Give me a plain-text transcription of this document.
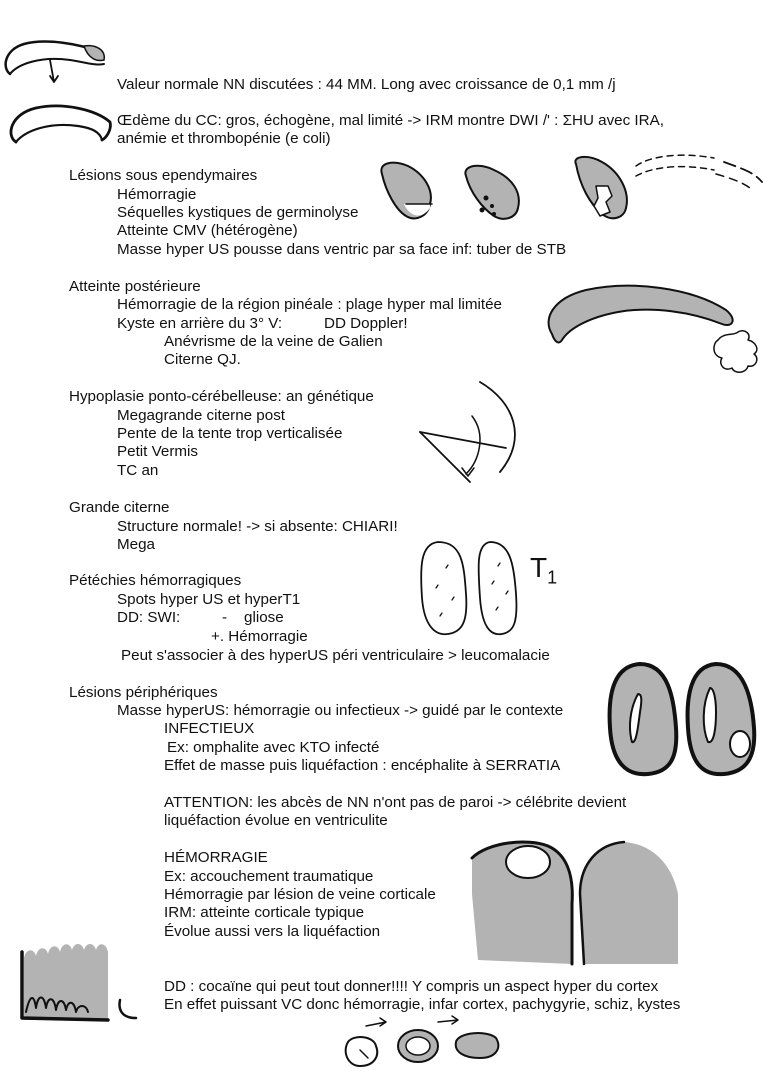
$T_1$
Valeur normale NN discutées : 44 MM. Long avec croissance de 0,1 mm /j
Œdème du CC: gros, échogène, mal limité -> IRM montre DWI /' : ΣHU avec IRA,
anémie et thrombopénie (e coli)
Lésions sous ependymaires
Hémorragie
Séquelles kystiques de germinolyse
Atteinte CMV (hétérogène)
Masse hyper US pousse dans ventric par sa face inf: tuber de STB
Atteinte postérieure
Hémorragie de la région pinéale : plage hyper mal limitée
Kyste en arrière du 3° V:	DD Doppler!
Anévrisme de la veine de Galien
Citerne QJ.
Hypoplasie ponto-cérébelleuse: an génétique
Megagrande citerne post
Pente de la tente trop verticalisée
Petit Vermis
TC an
Grande citerne
Structure normale! -> si absente: CHIARI!
Mega
Pétéchies hémorragiques
Spots hyper US et hyperT1
DD: SWI:	- gliose
+. Hémorragie
Peut s'associer à des hyperUS péri ventriculaire > leucomalacie
Lésions périphériques
Masse hyperUS: hémorragie ou infectieux -> guidé par le contexte
INFECTIEUX
Ex: omphalite avec KTO infecté
Effet de masse puis liquéfaction : encéphalite à SERRATIA
ATTENTION: les abcès de NN n'ont pas de paroi -> célébrite devient
liquéfaction évolue en ventriculite
HÉMORRAGIE
Ex: accouchement traumatique
Hémorragie par lésion de veine corticale
IRM: atteinte corticale typique
Évolue aussi vers la liquéfaction
DD : cocaïne qui peut tout donner!!!! Y compris un aspect hyper du cortex
En effet puissant VC donc hémorragie, infar cortex, pachygyrie, schiz, kystes
